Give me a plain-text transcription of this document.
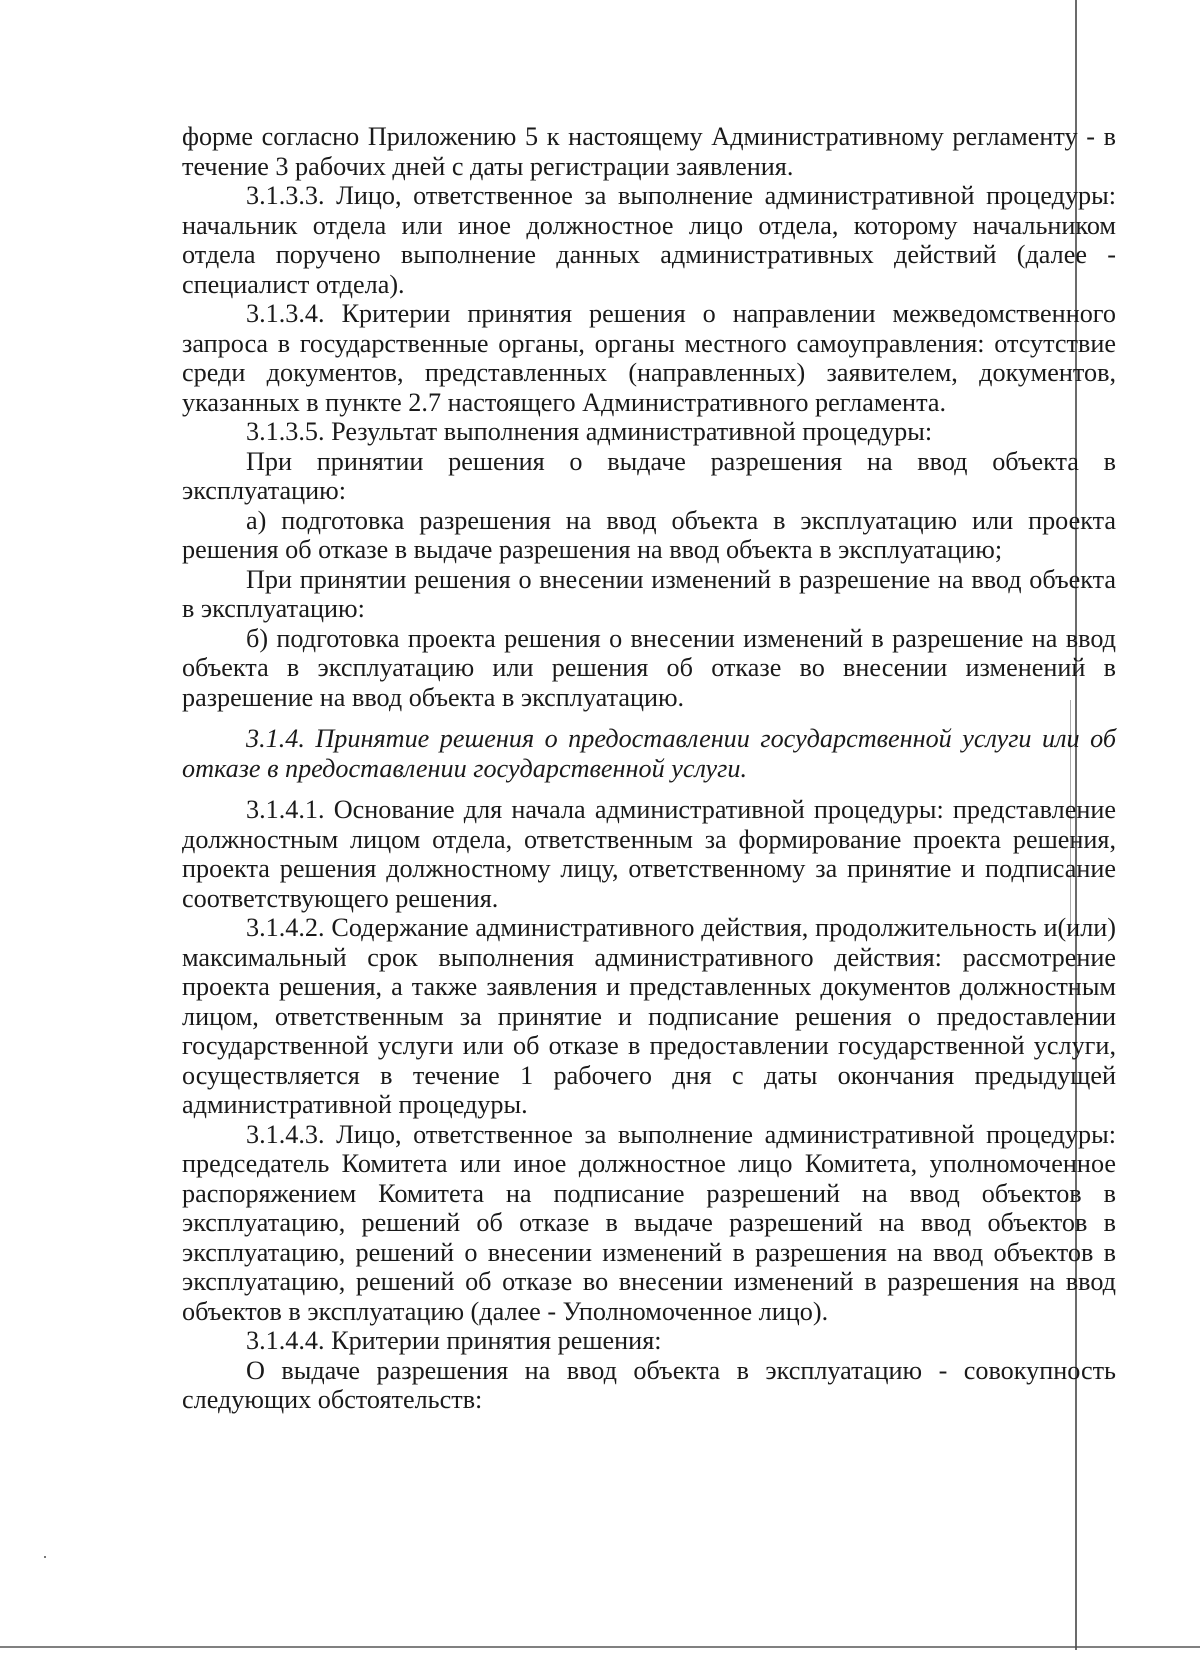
форме согласно Приложению 5 к настоящему Административному регламенту - в течение 3 рабочих дней с даты регистрации заявления.

3.1.3.3. Лицо, ответственное за выполнение административной процедуры: начальник отдела или иное должностное лицо отдела, которому начальником отдела поручено выполнение данных административных действий (далее - специалист отдела).

3.1.3.4. Критерии принятия решения о направлении межведомственного запроса в государственные органы, органы местного самоуправления: отсутствие среди документов, представленных (направленных) заявителем, документов, указанных в пункте 2.7 настоящего Административного регламента.

3.1.3.5. Результат выполнения административной процедуры:

При принятии решения о выдаче разрешения на ввод объекта в эксплуатацию:

а) подготовка разрешения на ввод объекта в эксплуатацию или проекта решения об отказе в выдаче разрешения на ввод объекта в эксплуатацию;

При принятии решения о внесении изменений в разрешение на ввод объекта в эксплуатацию:

б) подготовка проекта решения о внесении изменений в разрешение на ввод объекта в эксплуатацию или решения об отказе во внесении изменений в разрешение на ввод объекта в эксплуатацию.

3.1.4. Принятие решения о предоставлении государственной услуги или об отказе в предоставлении государственной услуги.

3.1.4.1. Основание для начала административной процедуры: представление должностным лицом отдела, ответственным за формирование проекта решения, проекта решения должностному лицу, ответственному за принятие и подписание соответствующего решения.

3.1.4.2. Содержание административного действия, продолжительность и(или) максимальный срок выполнения административного действия: рассмотрение проекта решения, а также заявления и представленных документов должностным лицом, ответственным за принятие и подписание решения о предоставлении государственной услуги или об отказе в предоставлении государственной услуги, осуществляется в течение 1 рабочего дня с даты окончания предыдущей административной процедуры.

3.1.4.3. Лицо, ответственное за выполнение административной процедуры: председатель Комитета или иное должностное лицо Комитета, уполномоченное распоряжением Комитета на подписание разрешений на ввод объектов в эксплуатацию, решений об отказе в выдаче разрешений на ввод объектов в эксплуатацию, решений о внесении изменений в разрешения на ввод объектов в эксплуатацию, решений об отказе во внесении изменений в разрешения на ввод объектов в эксплуатацию (далее - Уполномоченное лицо).

3.1.4.4. Критерии принятия решения:

О выдаче разрешения на ввод объекта в эксплуатацию - совокупность следующих обстоятельств:
